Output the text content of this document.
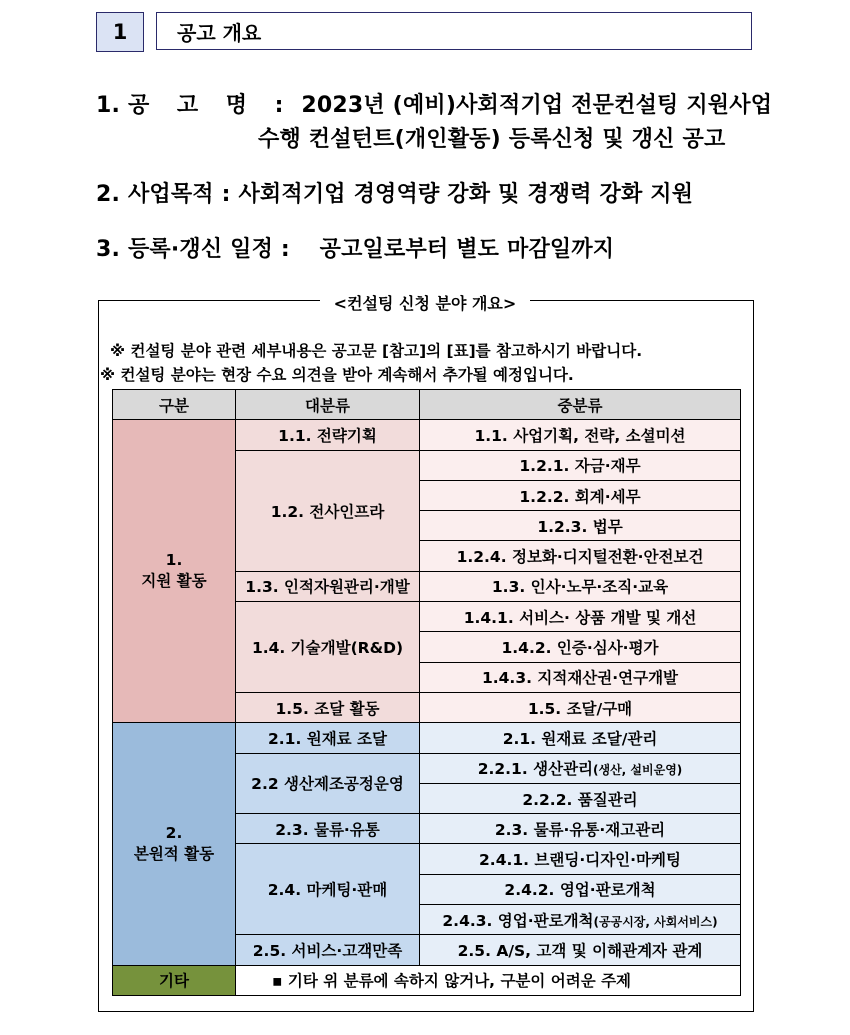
1	공고 개요
1. 공 고 명 : 2023년 (예비)사회적기업 전문컨설팅 지원사업
수행 컨설턴트(개인활동) 등록신청 및 갱신 공고
2. 사업목적 : 사회적기업 경영역량 강화 및 경쟁력 강화 지원
3. 등록·갱신 일정 : 공고일로부터 별도 마감일까지
<컨설팅 신청 분야 개요>
※ 컨설팅 분야 관련 세부내용은 공고문 [참고]의 [표]를 참고하시기 바랍니다.
※ 컨설팅 분야는 현장 수요 의견을 받아 계속해서 추가될 예정입니다.
구분	대분류	중분류

1.
지원 활동	1.1. 전략기획	1.1. 사업기획, 전략, 소셜미션
	1.2. 전사인프라	1.2.1. 자금·재무
		1.2.2. 회계·세무
		1.2.3. 법무
		1.2.4. 정보화·디지털전환·안전보건
	1.3. 인적자원관리·개발	1.3. 인사·노무·조직·교육
	1.4. 기술개발(R&D)	1.4.1. 서비스· 상품 개발 및 개선
		1.4.2. 인증·심사·평가
		1.4.3. 지적재산권·연구개발
	1.5. 조달 활동	1.5. 조달/구매

2.
본원적 활동	2.1. 원재료 조달	2.1. 원재료 조달/관리
	2.2 생산제조공정운영	2.2.1. 생산관리(생산, 설비운영)
		2.2.2. 품질관리
	2.3. 물류·유통	2.3. 물류·유통·재고관리
	2.4. 마케팅·판매	2.4.1. 브랜딩·디자인·마케팅
		2.4.2. 영업·판로개척
		2.4.3. 영업·판로개척(공공시장, 사회서비스)
	2.5. 서비스·고객만족	2.5. A/S, 고객 및 이해관계자 관계
기타	▪ 기타 위 분류에 속하지 않거나, 구분이 어려운 주제	
